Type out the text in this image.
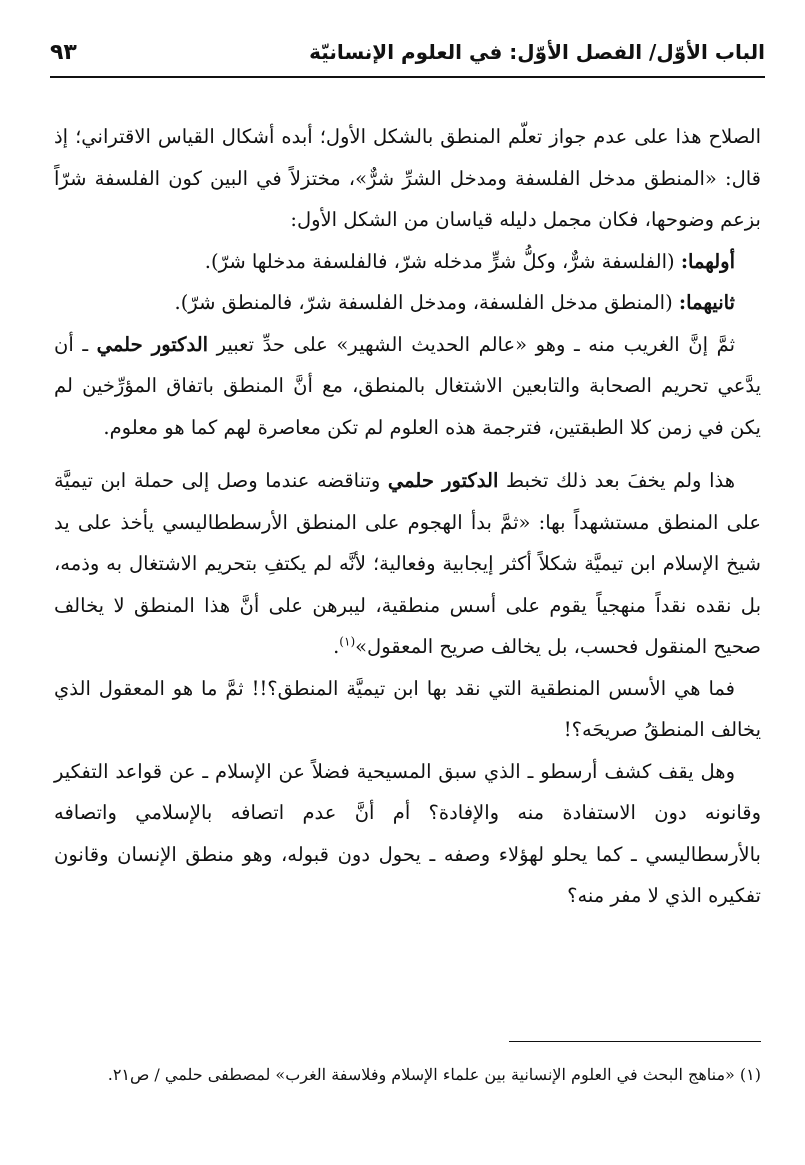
الباب الأوّل/ الفصل الأوّل: في العلوم الإنسانيّة
٩٣

الصلاح هذا على عدم جواز تعلّم المنطق بالشكل الأول؛ أبده أشكال القياس الاقتراني؛ إذ قال: «المنطق مدخل الفلسفة ومدخل الشرِّ شرٌّ»، مختزلاً في البين كون الفلسفة شرّاً بزعم وضوحها، فكان مجمل دليله قياسان من الشكل الأول:

أولهما: (الفلسفة شرٌّ، وكلُّ شرٍّ مدخله شرّ، فالفلسفة مدخلها شرّ).

ثانيهما: (المنطق مدخل الفلسفة، ومدخل الفلسفة شرّ، فالمنطق شرّ).

ثمَّ إنَّ الغريب منه ـ وهو «عالم الحديث الشهير» على حدِّ تعبير الدكتور حلمي ـ أن يدَّعي تحريم الصحابة والتابعين الاشتغال بالمنطق، مع أنَّ المنطق باتفاق المؤرِّخين لم يكن في زمن كلا الطبقتين، فترجمة هذه العلوم لم تكن معاصرة لهم كما هو معلوم.

هذا ولم يخفَ بعد ذلك تخبط الدكتور حلمي وتناقضه عندما وصل إلى حملة ابن تيميَّة على المنطق مستشهداً بها: «ثمَّ بدأ الهجوم على المنطق الأرسططاليسي يأخذ على يد شيخ الإسلام ابن تيميَّة شكلاً أكثر إيجابية وفعالية؛ لأنَّه لم يكتفِ بتحريم الاشتغال به وذمه، بل نقده نقداً منهجياً يقوم على أسس منطقية، ليبرهن على أنَّ هذا المنطق لا يخالف صحيح المنقول فحسب، بل يخالف صريح المعقول»$^{(١)}$.

فما هي الأسس المنطقية التي نقد بها ابن تيميَّة المنطق؟!! ثمَّ ما هو المعقول الذي يخالف المنطقُ صريحَه؟!

وهل يقف كشف أرسطو ـ الذي سبق المسيحية فضلاً عن الإسلام ـ عن قواعد التفكير وقانونه دون الاستفادة منه والإفادة؟ أم أنَّ عدم اتصافه بالإسلامي واتصافه بالأرسطاليسي ـ كما يحلو لهؤلاء وصفه ـ يحول دون قبوله، وهو منطق الإنسان وقانون تفكيره الذي لا مفر منه؟

(١) «مناهج البحث في العلوم الإنسانية بين علماء الإسلام وفلاسفة الغرب» لمصطفى حلمي / ص٢١.
